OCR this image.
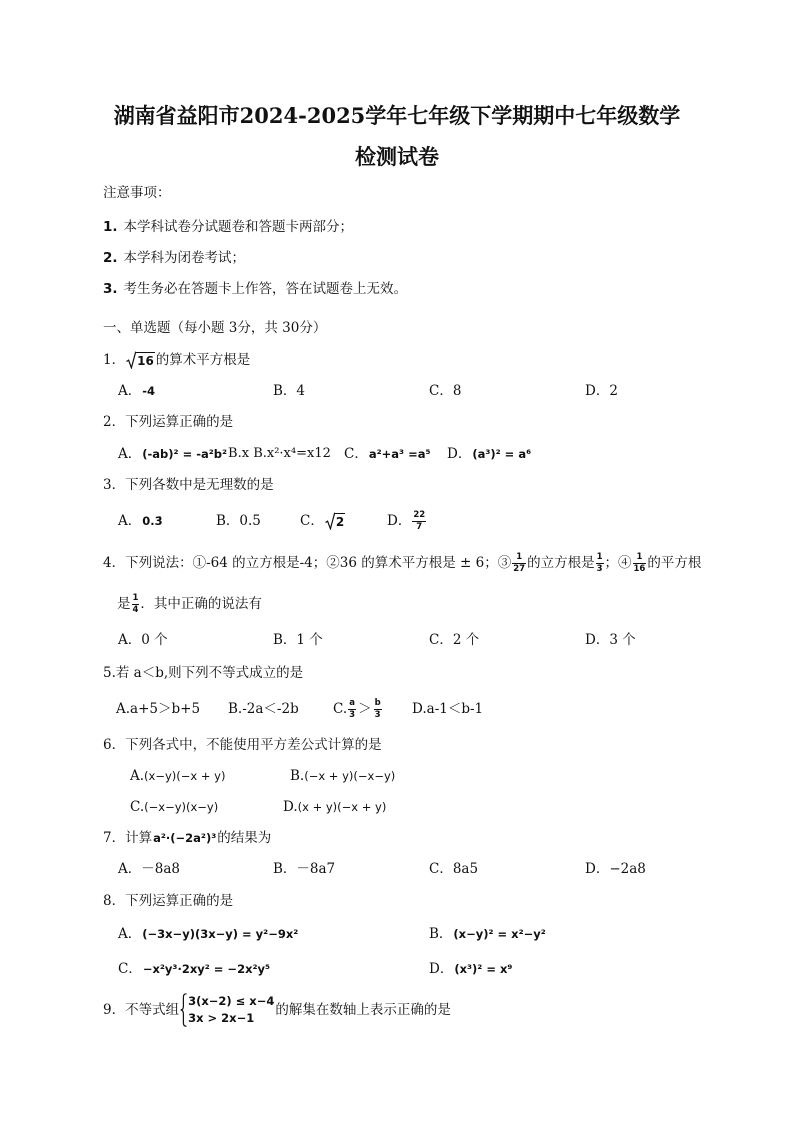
湖南省益阳市2024-2025学年七年级下学期期中七年级数学
检测试卷
注意事项：
1. 本学科试卷分试题卷和答题卡两部分；
2. 本学科为闭卷考试；
3. 考生务必在答题卡上作答，答在试题卷上无效。
一、单选题（每小题 3分，共 30分）
1． 16 的算术平方根是
A． -4	B． 4	C． 8	D． 2
2． 下列运算正确的是
A． (-ab)² = -a²b² B.x B.x²·x⁴=x12 C． a²+a³ =a⁵ D． (a³)² = a⁶
3． 下列各数中是无理数的是
A． 0.3̇	B． 0.5	C． 2	D． $\frac{22}{7}$
4． 下列说法：①-64 的立方根是-4；②36 的算术平方根是 ± 6；③ $\frac{1}{27}$ 的立方根是 $\frac{1}{3}$ ；④ $\frac{1}{16}$ 的平方根
是 $\frac{1}{4}$ ．其中正确的说法有
A． 0 个	B． 1 个	C． 2 个	D． 3 个
5. 若 a＜b,则下列不等式成立的是
A. a+5＞b+5 B. -2a＜-2b	C. $\frac{a}{3} > \frac{b}{3} D$. a-1＜b-1
6． 下列各式中，不能使用平方差公式计算的是
A. (x−y)(−x + y)	B. (−x + y)(−x−y)
C. (−x−y)(x−y)	D. (x + y)(−x + y)
7． 计算 a²·(−2a²)³ 的结果为
A． －8a8	B． －8a7	C． 8a5	D． −2a8
8． 下列运算正确的是
A． (−3x−y)(3x−y) = y²−9x²	B． (x−y)² = x²−y²
C． −x²y³·2xy² = −2x²y⁵	D． (x³)² = x⁹
9． 不等式组
3(x−2) ≤ x−4
3x > 2x−1	的解集在数轴上表示正确的是
